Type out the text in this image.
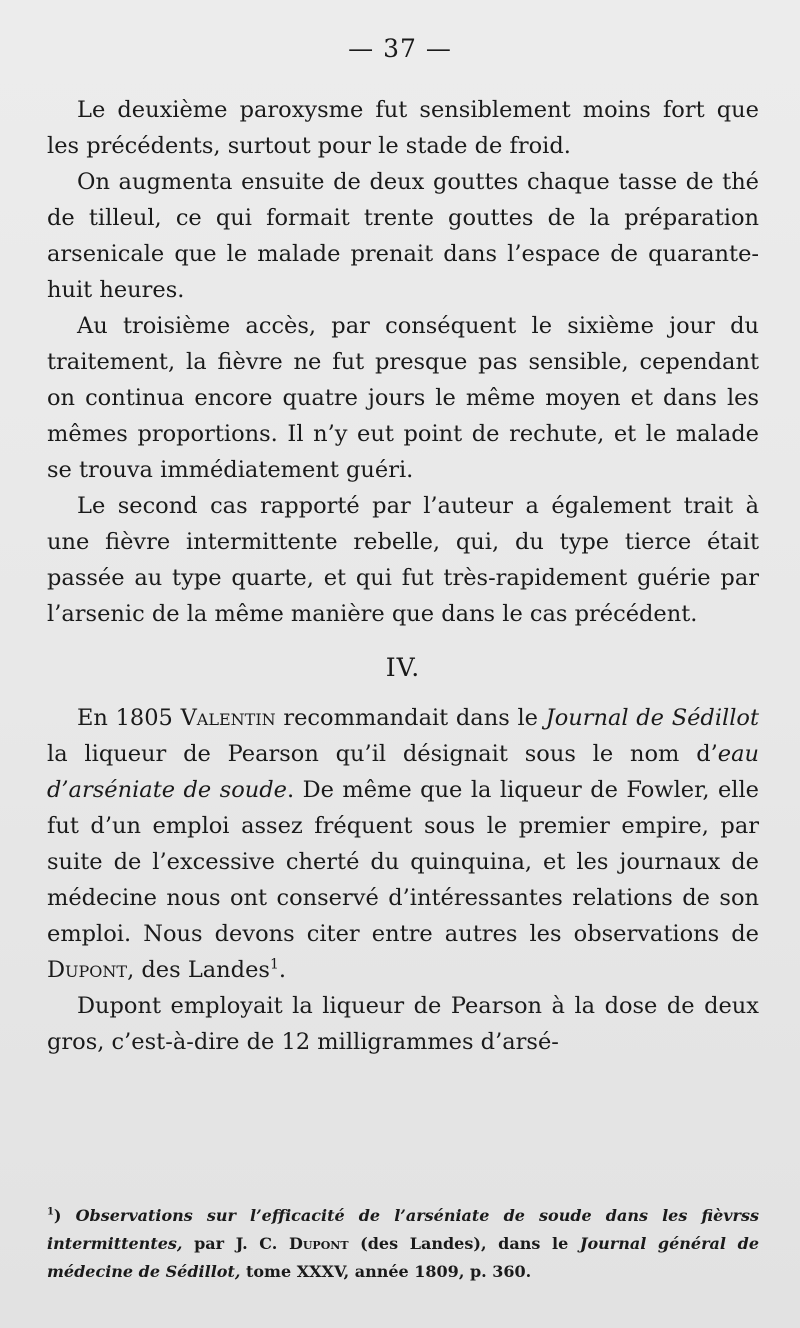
— 37 —

Le deuxième paroxysme fut sensiblement moins fort que les précédents, surtout pour le stade de froid.

On augmenta ensuite de deux gouttes chaque tasse de thé de tilleul, ce qui formait trente gouttes de la préparation arsenicale que le malade prenait dans l’espace de quarante-huit heures.

Au troisième accès, par conséquent le sixième jour du traitement, la fièvre ne fut presque pas sensible, cependant on continua encore quatre jours le même moyen et dans les mêmes proportions. Il n’y eut point de rechute, et le malade se trouva immédiatement guéri.

Le second cas rapporté par l’auteur a également trait à une fièvre intermittente rebelle, qui, du type tierce était passée au type quarte, et qui fut très-rapidement guérie par l’arsenic de la même manière que dans le cas précédent.

IV.

En 1805 Valentin recommandait dans le Journal de Sédillot la liqueur de Pearson qu’il désignait sous le nom d’eau d’arséniate de soude. De même que la liqueur de Fowler, elle fut d’un emploi assez fréquent sous le premier empire, par suite de l’excessive cherté du quinquina, et les journaux de médecine nous ont conservé d’intéressantes relations de son emploi. Nous devons citer entre autres les observations de Dupont, des Landes$^1$.

Dupont employait la liqueur de Pearson à la dose de deux gros, c’est-à-dire de 12 milligrammes d’arsé-

$^1$) Observations sur l’efficacité de l’arséniate de soude dans les fièvrss intermittentes, par J. C. Dupont (des Landes), dans le Journal général de médecine de Sédillot, tome XXXV, année 1809, p. 360.
